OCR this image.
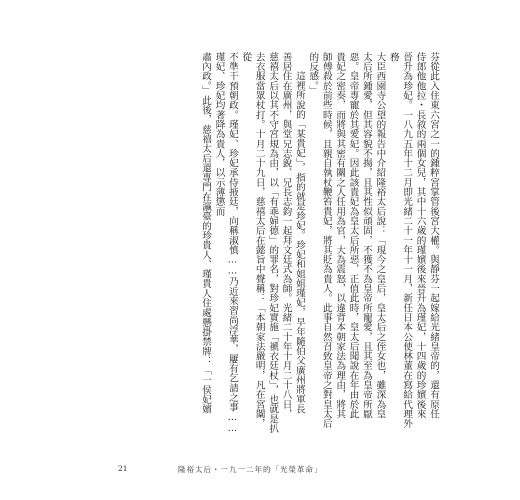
芬從此入住東六宮之一的鍾粹宮掌管後宮大權。與靜芬一起嫁給光緒皇帝的，還有原任

侍郎他他拉・長敘的兩個女兒，其中十六歲的瑾嬪後來晉升為瑾妃，十四歲的珍嬪後來

晉升為珍妃。一八九五年十二月即光緒二十一年十一月，新任日本公使林董在寫給代理外務

大臣西園寺公望的報告中介紹隆裕太后說：「現今之皇后，皇太后之侄女也，雖深為皇

太后所鍾愛，但其容貌不揚，且其性似頑固，不獲不為皇帝所寵愛，且其至為皇帝所厭

惡。皇帝專寵於其愛妃。因此該貴妃為皇太后所惡，正值此時，皇太后聞說在年由於此

貴妃之密奏，而將與其密有關之人任用為官，大為震怒，以違背本朝家法為理由，將其

師傅殺於前些時候，且親自執杖鞭笞貴妃，將其貶為貴人。此事自然召致皇帝之對皇太后

的反感。」

這裡所說的「某貴妃」，指的就是珍妃。珍妃和姐姐瑾妃，早年隨伯父廣州將軍長

善居住在廣州，與堂兄志銳、兄長志鈞一起拜文廷式為師。光緒二十年十月二十八日，

慈禧太后以其不守宮規為由，以「有乖婦德」的罪名，對珍妃實施「褫衣廷杖」，也就是扒

去衣服當眾杖打。十月二十九日，慈禧太后在懿旨中聲稱：「本朝家法嚴明，凡在宮闈，從

不準干預朝政。瑾妃、珍妃承侍掖廷，向稱淑慎……乃近來習尚浮華，屢有乞請之事……瑾妃、珍妃均著降為貴人，以示薄懲而

肅內政。」此後，慈禧太后還專門在瀛臺的珍貴人、瑾貴人住處懸掛禁牌：「一侯妃嬪

21	隆裕太后・一九一二年的「光榮革命」
